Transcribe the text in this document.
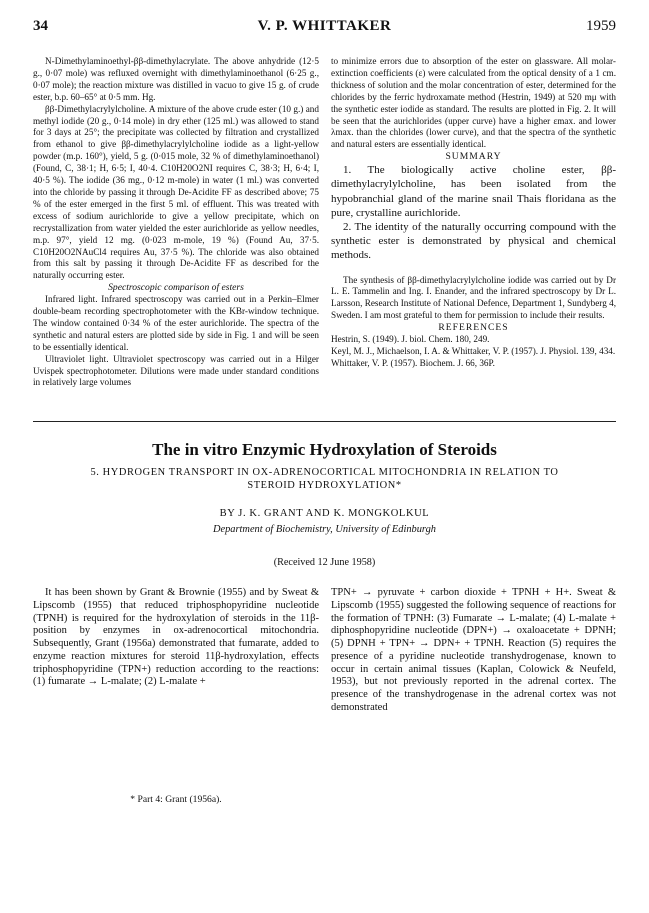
34	V. P. WHITTAKER	1959

N-Dimethylaminoethyl-ββ-dimethylacrylate. The above anhydride (12·5 g., 0·07 mole) was refluxed overnight with dimethylaminoethanol (6·25 g., 0·07 mole); the reaction mixture was distilled in vacuo to give 15 g. of crude ester, b.p. 60–65° at 0·5 mm. Hg.

ββ-Dimethylacrylylcholine. A mixture of the above crude ester (10 g.) and methyl iodide (20 g., 0·14 mole) in dry ether (125 ml.) was allowed to stand for 3 days at 25°; the precipitate was collected by filtration and crystallized from ethanol to give ββ-dimethylacrylylcholine iodide as a light-yellow powder (m.p. 160°), yield, 5 g. (0·015 mole, 32 % of dimethylaminoethanol) (Found, C, 38·1; H, 6·5; I, 40·4. C10H20O2NI requires C, 38·3; H, 6·4; I, 40·5 %). The iodide (36 mg., 0·12 m-mole) in water (1 ml.) was converted into the chloride by passing it through De-Acidite FF as described above; 75 % of the ester emerged in the first 5 ml. of effluent. This was treated with excess of sodium aurichloride to give a yellow precipitate, which on recrystallization from water yielded the ester aurichloride as yellow needles, m.p. 97°, yield 12 mg. (0·023 m-mole, 19 %) (Found Au, 37·5. C10H20O2NAuCl4 requires Au, 37·5 %). The chloride was also obtained from this salt by passing it through De-Acidite FF as described for the naturally occurring ester.

Spectroscopic comparison of esters

Infrared light. Infrared spectroscopy was carried out in a Perkin–Elmer double-beam recording spectrophotometer with the KBr-window technique. The window contained 0·34 % of the ester aurichloride. The spectra of the synthetic and natural esters are plotted side by side in Fig. 1 and will be seen to be essentially identical.

Ultraviolet light. Ultraviolet spectroscopy was carried out in a Hilger Uvispek spectrophotometer. Dilutions were made under standard conditions in relatively large volumes

to minimize errors due to absorption of the ester on glassware. All molar-extinction coefficients (ε) were calculated from the optical density of a 1 cm. thickness of solution and the molar concentration of ester, determined for the chlorides by the ferric hydroxamate method (Hestrin, 1949) at 520 mμ with the synthetic ester iodide as standard. The results are plotted in Fig. 2. It will be seen that the aurichlorides (upper curve) have a higher εmax. and lower λmax. than the chlorides (lower curve), and that the spectra of the synthetic and natural esters are essentially identical.

SUMMARY

1. The biologically active choline ester, ββ-dimethylacrylylcholine, has been isolated from the hypobranchial gland of the marine snail Thais floridana as the pure, crystalline aurichloride.

2. The identity of the naturally occurring compound with the synthetic ester is demonstrated by physical and chemical methods.

The synthesis of ββ-dimethylacrylylcholine iodide was carried out by Dr L. E. Tammelin and Ing. I. Enander, and the infrared spectroscopy by Dr L. Larsson, Research Institute of National Defence, Department 1, Sundyberg 4, Sweden. I am most grateful to them for permission to include their results.

REFERENCES

Hestrin, S. (1949). J. biol. Chem. 180, 249.

Keyl, M. J., Michaelson, I. A. & Whittaker, V. P. (1957). J. Physiol. 139, 434.

Whittaker, V. P. (1957). Biochem. J. 66, 36P.

The in vitro Enzymic Hydroxylation of Steroids
5. HYDROGEN TRANSPORT IN OX-ADRENOCORTICAL MITOCHONDRIA IN RELATION TO STEROID HYDROXYLATION*
BY J. K. GRANT AND K. MONGKOLKUL
Department of Biochemistry, University of Edinburgh
(Received 12 June 1958)

It has been shown by Grant & Brownie (1955) and by Sweat & Lipscomb (1955) that reduced triphosphopyridine nucleotide (TPNH) is required for the hydroxylation of steroids in the 11β-position by enzymes in ox-adrenocortical mitochondria. Subsequently, Grant (1956a) demonstrated that fumarate, added to enzyme reaction mixtures for steroid 11β-hydroxylation, effects triphosphopyridine (TPN+) reduction according to the reactions: (1) fumarate → L-malate; (2) L-malate +

* Part 4: Grant (1956a).

TPN+ → pyruvate + carbon dioxide + TPNH + H+. Sweat & Lipscomb (1955) suggested the following sequence of reactions for the formation of TPNH: (3) Fumarate → L-malate; (4) L-malate + diphosphopyridine nucleotide (DPN+) → oxaloacetate + DPNH; (5) DPNH + TPN+ → DPN+ + TPNH. Reaction (5) requires the presence of a pyridine nucleotide transhydrogenase, known to occur in certain animal tissues (Kaplan, Colowick & Neufeld, 1953), but not previously reported in the adrenal cortex. The presence of the transhydrogenase in the adrenal cortex was not demonstrated
